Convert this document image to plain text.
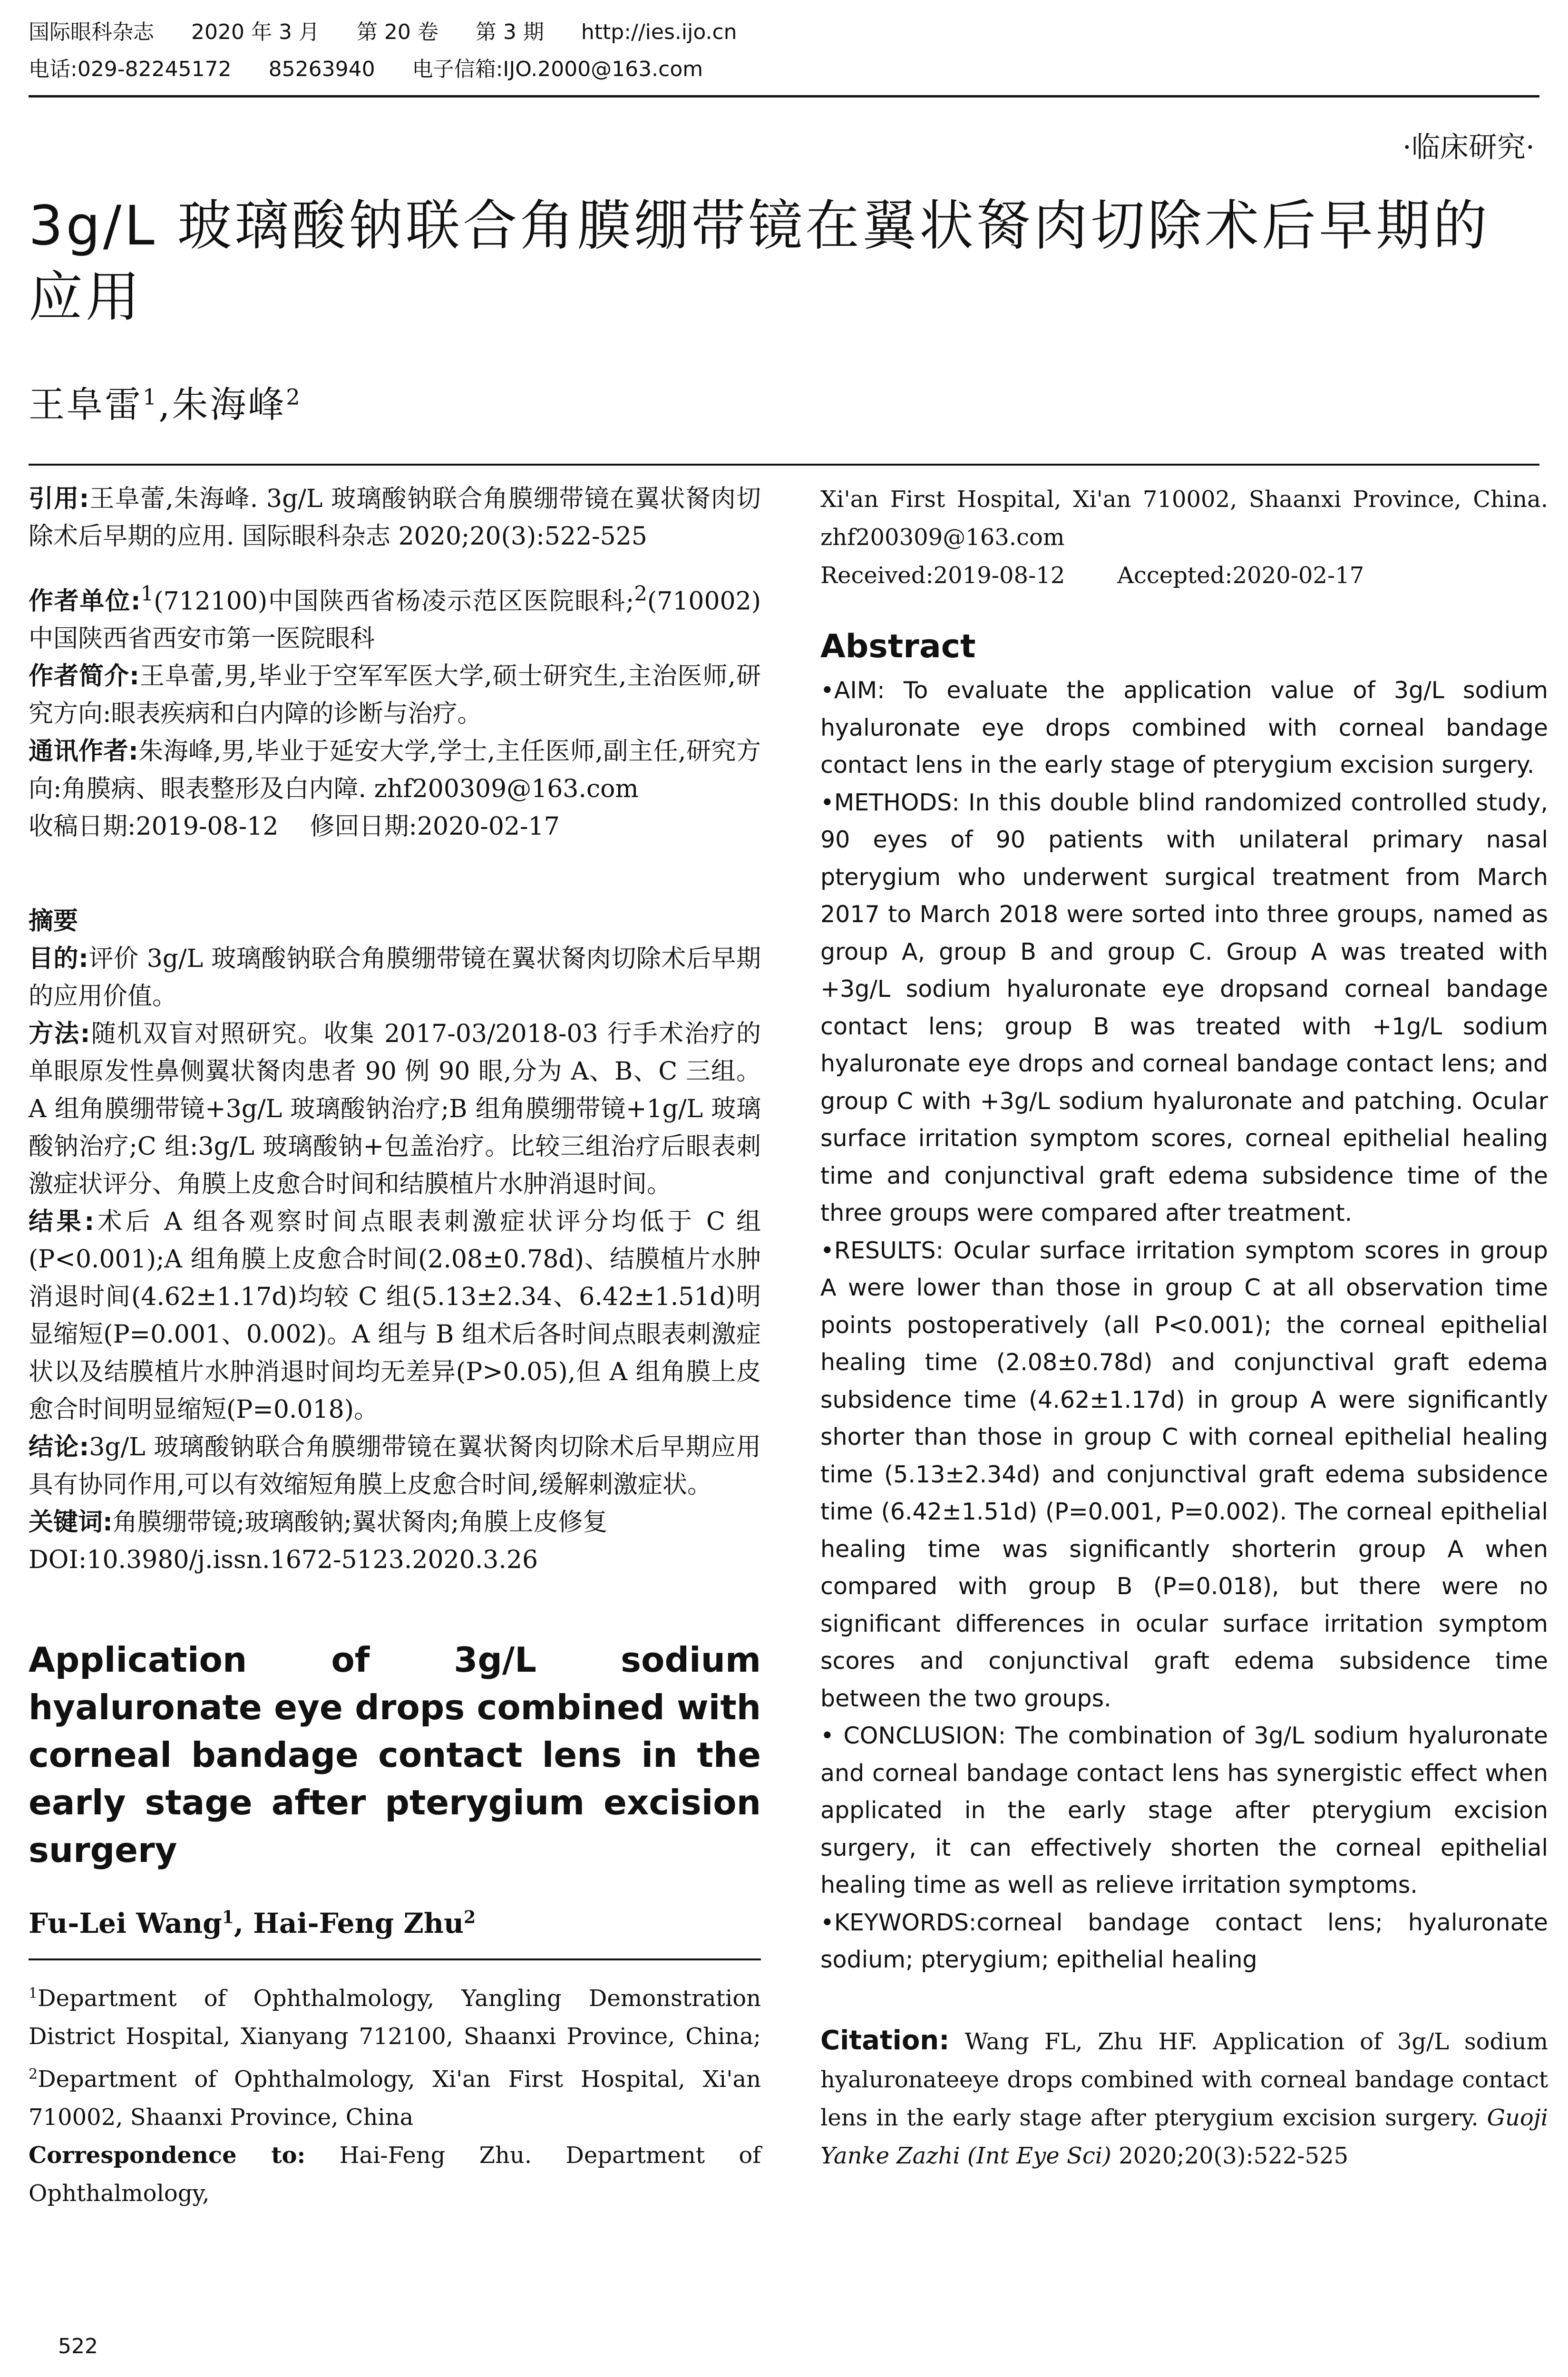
国际眼科杂志 2020 年 3 月 第 20 卷 第 3 期 http://ies.ijo.cn
电话:029-82245172 85263940 电子信箱:IJO.2000@163.com
·临床研究·
3g/L 玻璃酸钠联合角膜绷带镜在翼状胬肉切除术后早期的应用
王阜雷$^1$,朱海峰$^2$

引用:王阜蕾,朱海峰. 3g/L 玻璃酸钠联合角膜绷带镜在翼状胬肉切除术后早期的应用. 国际眼科杂志 2020;20(3):522-525

作者单位:$^1$(712100)中国陕西省杨凌示范区医院眼科;$^2$(710002)中国陕西省西安市第一医院眼科

作者简介:王阜蕾,男,毕业于空军军医大学,硕士研究生,主治医师,研究方向:眼表疾病和白内障的诊断与治疗。

通讯作者:朱海峰,男,毕业于延安大学,学士,主任医师,副主任,研究方向:角膜病、眼表整形及白内障. zhf200309@163.com

收稿日期:2019-08-12    修回日期:2020-02-17

摘要

目的:评价 3g/L 玻璃酸钠联合角膜绷带镜在翼状胬肉切除术后早期的应用价值。

方法:随机双盲对照研究。收集 2017-03/2018-03 行手术治疗的单眼原发性鼻侧翼状胬肉患者 90 例 90 眼,分为 A、B、C 三组。A 组角膜绷带镜+3g/L 玻璃酸钠治疗;B 组角膜绷带镜+1g/L 玻璃酸钠治疗;C 组:3g/L 玻璃酸钠+包盖治疗。比较三组治疗后眼表刺激症状评分、角膜上皮愈合时间和结膜植片水肿消退时间。

结果:术后 A 组各观察时间点眼表刺激症状评分均低于 C 组(P<0.001);A 组角膜上皮愈合时间(2.08±0.78d)、结膜植片水肿消退时间(4.62±1.17d)均较 C 组(5.13±2.34、6.42±1.51d)明显缩短(P=0.001、0.002)。A 组与 B 组术后各时间点眼表刺激症状以及结膜植片水肿消退时间均无差异(P>0.05),但 A 组角膜上皮愈合时间明显缩短(P=0.018)。

结论:3g/L 玻璃酸钠联合角膜绷带镜在翼状胬肉切除术后早期应用具有协同作用,可以有效缩短角膜上皮愈合时间,缓解刺激症状。

关键词:角膜绷带镜;玻璃酸钠;翼状胬肉;角膜上皮修复

DOI:10.3980/j.issn.1672-5123.2020.3.26

Application of 3g/L sodium hyaluronate eye drops combined with corneal bandage contact lens in the early stage after pterygium excision surgery

Fu-Lei Wang$^1$, Hai-Feng Zhu$^2$

$^1$Department of Ophthalmology, Yangling Demonstration District Hospital, Xianyang 712100, Shaanxi Province, China; $^2$Department of Ophthalmology, Xi'an First Hospital, Xi'an 710002, Shaanxi Province, China

Correspondence to: Hai-Feng Zhu. Department of Ophthalmology,

Xi'an First Hospital, Xi'an 710002, Shaanxi Province, China. zhf200309@163.com

Received:2019-08-12 Accepted:2020-02-17

Abstract

•AIM: To evaluate the application value of 3g/L sodium hyaluronate eye drops combined with corneal bandage contact lens in the early stage of pterygium excision surgery.

•METHODS: In this double blind randomized controlled study, 90 eyes of 90 patients with unilateral primary nasal pterygium who underwent surgical treatment from March 2017 to March 2018 were sorted into three groups, named as group A, group B and group C. Group A was treated with +3g/L sodium hyaluronate eye dropsand corneal bandage contact lens; group B was treated with +1g/L sodium hyaluronate eye drops and corneal bandage contact lens; and group C with +3g/L sodium hyaluronate and patching. Ocular surface irritation symptom scores, corneal epithelial healing time and conjunctival graft edema subsidence time of the three groups were compared after treatment.

•RESULTS: Ocular surface irritation symptom scores in group A were lower than those in group C at all observation time points postoperatively (all P<0.001); the corneal epithelial healing time (2.08±0.78d) and conjunctival graft edema subsidence time (4.62±1.17d) in group A were significantly shorter than those in group C with corneal epithelial healing time (5.13±2.34d) and conjunctival graft edema subsidence time (6.42±1.51d) (P=0.001, P=0.002). The corneal epithelial healing time was significantly shorterin group A when compared with group B (P=0.018), but there were no significant differences in ocular surface irritation symptom scores and conjunctival graft edema subsidence time between the two groups.

• CONCLUSION: The combination of 3g/L sodium hyaluronate and corneal bandage contact lens has synergistic effect when applicated in the early stage after pterygium excision surgery, it can effectively shorten the corneal epithelial healing time as well as relieve irritation symptoms.

•KEYWORDS:corneal bandage contact lens; hyaluronate sodium; pterygium; epithelial healing

Citation: Wang FL, Zhu HF. Application of 3g/L sodium hyaluronateeye drops combined with corneal bandage contact lens in the early stage after pterygium excision surgery. Guoji Yanke Zazhi (Int Eye Sci) 2020;20(3):522-525

522
